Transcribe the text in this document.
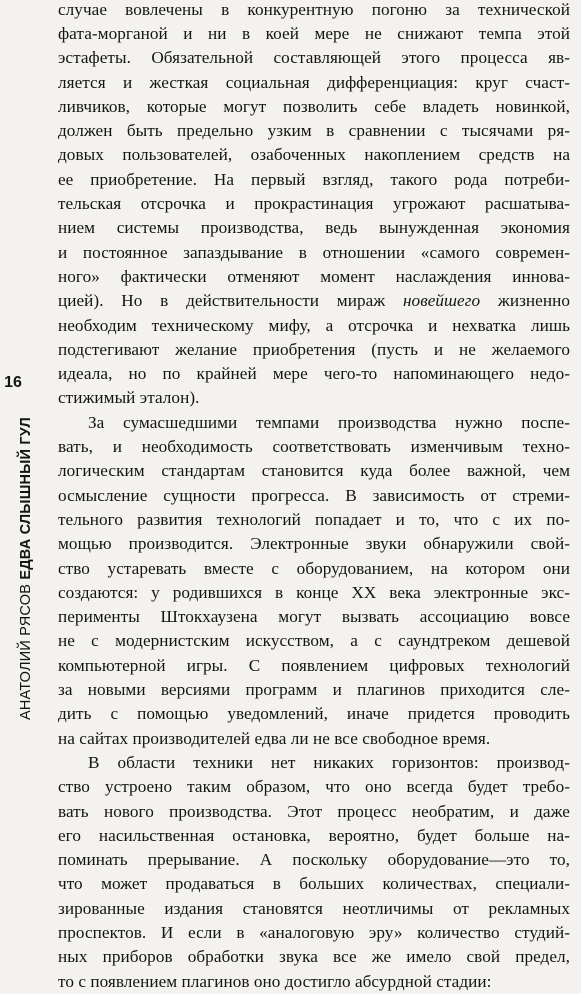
16
АНАТОЛИЙ РЯСОВ ЕДВА СЛЫШНЫЙ ГУЛ
случае вовлечены в конкурентную погоню за технической
фата-морганой и ни в коей мере не снижают темпа этой
эстафеты. Обязательной составляющей этого процесса яв-
ляется и жесткая социальная дифференциация: круг счаст-
ливчиков, которые могут позволить себе владеть новинкой,
должен быть предельно узким в сравнении с тысячами ря-
довых пользователей, озабоченных накоплением средств на
ее приобретение. На первый взгляд, такого рода потреби-
тельская отсрочка и прокрастинация угрожают расшатыва-
нием системы производства, ведь вынужденная экономия
и постоянное запаздывание в отношении «самого современ-
ного» фактически отменяют момент наслаждения иннова-
цией). Но в действительности мираж новейшего жизненно
необходим техническому мифу, а отсрочка и нехватка лишь
подстегивают желание приобретения (пусть и не желаемого
идеала, но по крайней мере чего-то напоминающего недо-
стижимый эталон).
За сумасшедшими темпами производства нужно поспе-
вать, и необходимость соответствовать изменчивым техно-
логическим стандартам становится куда более важной, чем
осмысление сущности прогресса. В зависимость от стреми-
тельного развития технологий попадает и то, что с их по-
мощью производится. Электронные звуки обнаружили свой-
ство устаревать вместе с оборудованием, на котором они
создаются: у родившихся в конце XX века электронные экс-
перименты Штокхаузена могут вызвать ассоциацию вовсе
не с модернистским искусством, а с саундтреком дешевой
компьютерной игры. С появлением цифровых технологий
за новыми версиями программ и плагинов приходится сле-
дить с помощью уведомлений, иначе придется проводить
на сайтах производителей едва ли не все свободное время.
В области техники нет никаких горизонтов: производ-
ство устроено таким образом, что оно всегда будет требо-
вать нового производства. Этот процесс необратим, и даже
его насильственная остановка, вероятно, будет больше на-
поминать прерывание. А поскольку оборудование—это то,
что может продаваться в больших количествах, специали-
зированные издания становятся неотличимы от рекламных
проспектов. И если в «аналоговую эру» количество студий-
ных приборов обработки звука все же имело свой предел,
то с появлением плагинов оно достигло абсурдной стадии:
